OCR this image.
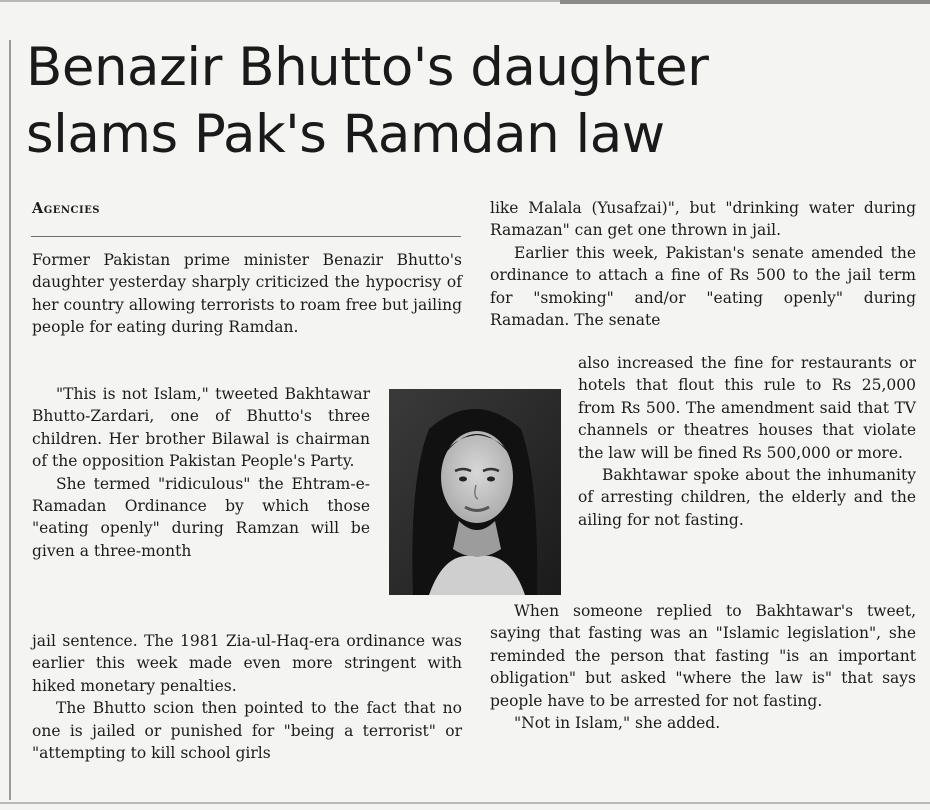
Benazir Bhutto's daughter
slams Pak's Ramdan law
Agencies

Former Pakistan prime minister Benazir Bhutto's daughter yesterday sharply criticized the hypocrisy of her country allowing terrorists to roam free but jailing people for eating during Ramdan.

"This is not Islam," tweeted Bakhtawar Bhutto-Zardari, one of Bhutto's three children. Her brother Bilawal is chairman of the opposition Pakistan People's Party.

She termed "ridiculous" the Ehtram-e-Ramadan Ordinance by which those "eating openly" during Ramzan will be given a three-month

jail sentence. The 1981 Zia-ul-Haq-era ordinance was earlier this week made even more stringent with hiked monetary penalties.

The Bhutto scion then pointed to the fact that no one is jailed or punished for "being a terrorist" or "attempting to kill school girls

like Malala (Yusafzai)", but "drinking water during Ramazan" can get one thrown in jail.

Earlier this week, Pakistan's senate amended the ordinance to attach a fine of Rs 500 to the jail term for "smoking" and/or "eating openly" during Ramadan. The senate

also increased the fine for restaurants or hotels that flout this rule to Rs 25,000 from Rs 500. The amendment said that TV channels or theatres houses that violate the law will be fined Rs 500,000 or more.

Bakhtawar spoke about the inhumanity of arresting children, the elderly and the ailing for not fasting.

When someone replied to Bakhtawar's tweet, saying that fasting was an "Islamic legislation", she reminded the person that fasting "is an important obligation" but asked "where the law is" that says people have to be arrested for not fasting.

"Not in Islam," she added.
